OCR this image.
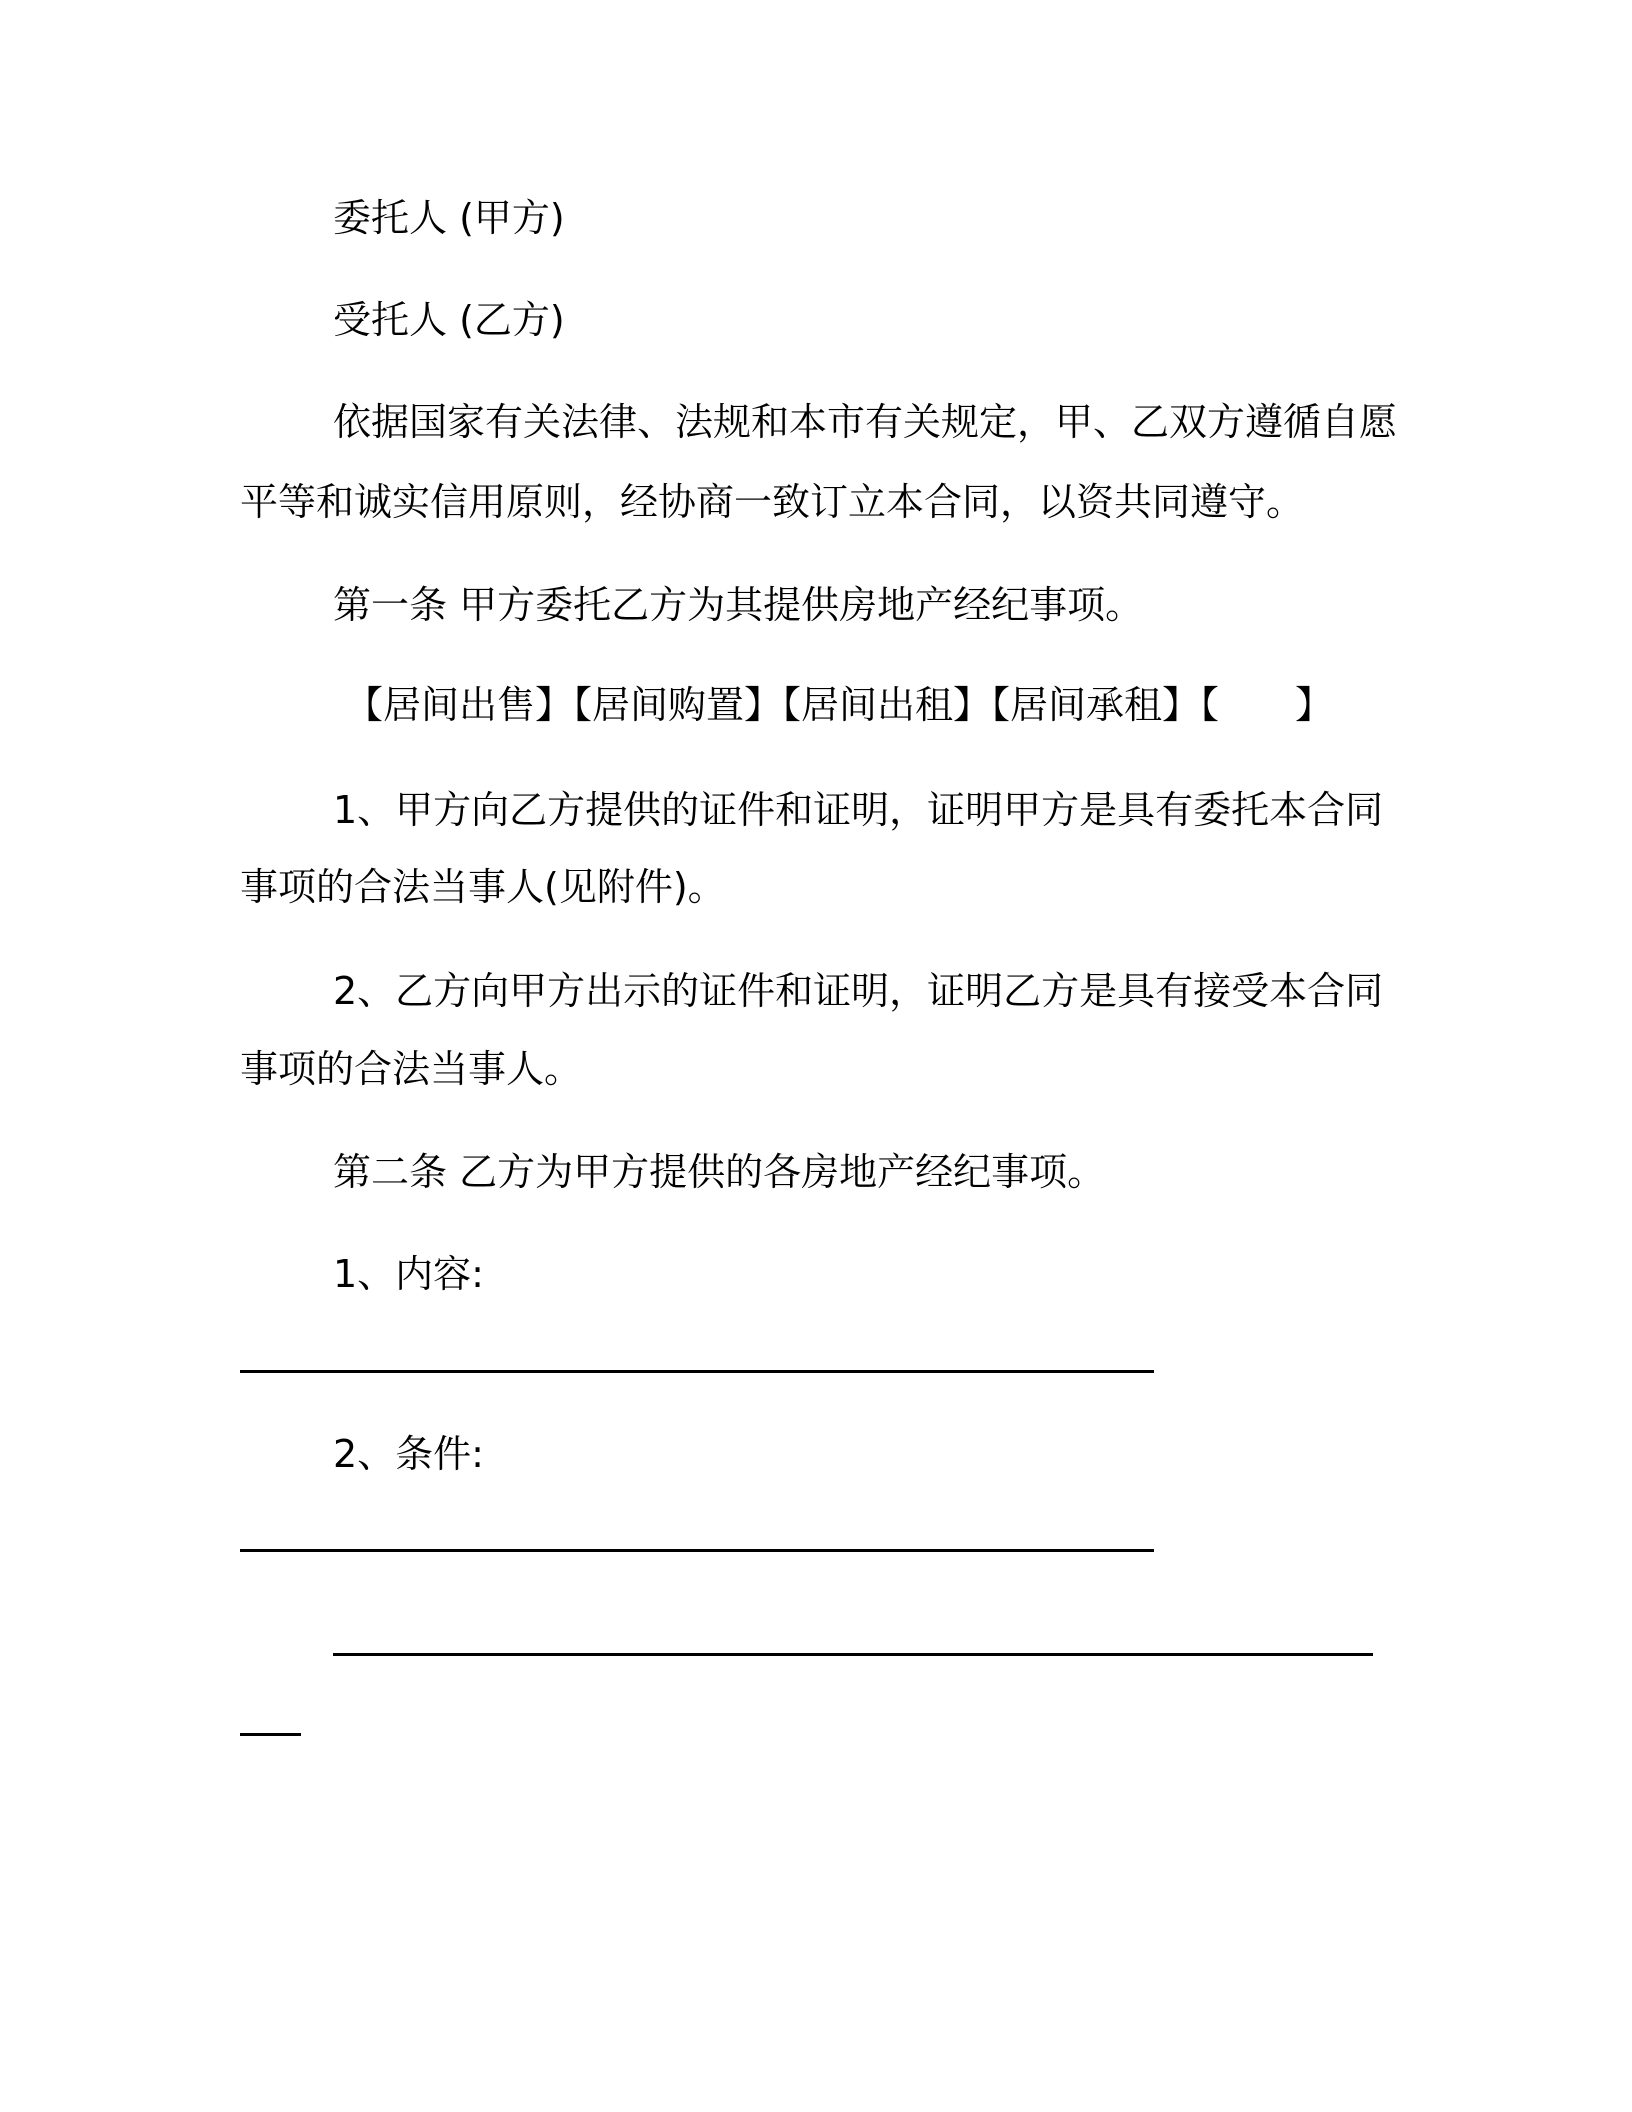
委托人 (甲方)
受托人 (乙方)
依据国家有关法律、法规和本市有关规定，甲、乙双方遵循自愿
平等和诚实信用原则，经协商一致订立本合同，以资共同遵守。
第一条 甲方委托乙方为其提供房地产经纪事项。
【居间出售】【居间购置】【居间出租】【居间承租】【　　】
1、甲方向乙方提供的证件和证明，证明甲方是具有委托本合同
事项的合法当事人(见附件)。
2、乙方向甲方出示的证件和证明，证明乙方是具有接受本合同
事项的合法当事人。
第二条 乙方为甲方提供的各房地产经纪事项。
1、内容:
2、条件:
